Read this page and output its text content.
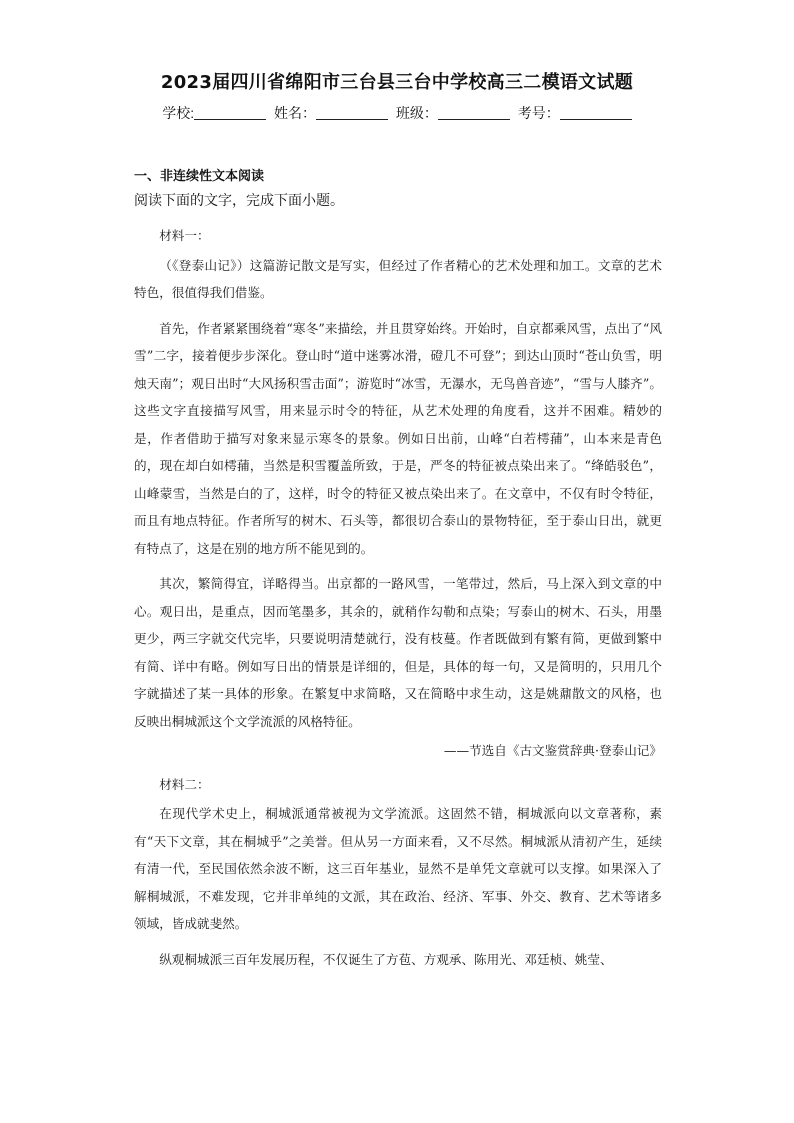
2023届四川省绵阳市三台县三台中学校高三二模语文试题
学校:	姓名：	班级：	考号：
一、非连续性文本阅读
阅读下面的文字，完成下面小题。

材料一：

（《登泰山记》）这篇游记散文是写实，但经过了作者精心的艺术处理和加工。文章的艺术特色，很值得我们借鉴。

首先，作者紧紧围绕着“寒冬”来描绘，并且贯穿始终。开始时，自京都乘风雪，点出了“风雪”二字，接着便步步深化。登山时“道中迷雾冰滑，磴几不可登”；到达山顶时“苍山负雪，明烛天南”；观日出时“大风扬积雪击面”；游览时“冰雪，无瀑水，无鸟兽音迹”，“雪与人膝齐”。这些文字直接描写风雪，用来显示时令的特征，从艺术处理的角度看，这并不困难。精妙的是，作者借助于描写对象来显示寒冬的景象。例如日出前，山峰“白若樗蒱”，山本来是青色的，现在却白如樗蒱，当然是积雪覆盖所致，于是，严冬的特征被点染出来了。“绛皓驳色”，山峰蒙雪，当然是白的了，这样，时令的特征又被点染出来了。在文章中，不仅有时令特征，而且有地点特征。作者所写的树木、石头等，都很切合泰山的景物特征，至于泰山日出，就更有特点了，这是在别的地方所不能见到的。

其次，繁简得宜，详略得当。出京都的一路风雪，一笔带过，然后，马上深入到文章的中心。观日出，是重点，因而笔墨多，其余的，就稍作勾勒和点染；写泰山的树木、石头，用墨更少，两三字就交代完毕，只要说明清楚就行，没有枝蔓。作者既做到有繁有简，更做到繁中有简、详中有略。例如写日出的情景是详细的，但是，具体的每一句，又是简明的，只用几个字就描述了某一具体的形象。在繁复中求简略，又在简略中求生动，这是姚鼐散文的风格，也反映出桐城派这个文学流派的风格特征。

——节选自《古文鉴赏辞典·登泰山记》

材料二：

在现代学术史上，桐城派通常被视为文学流派。这固然不错，桐城派向以文章著称，素有“天下文章，其在桐城乎”之美誉。但从另一方面来看，又不尽然。桐城派从清初产生，延续有清一代，至民国依然余波不断，这三百年基业，显然不是单凭文章就可以支撑。如果深入了解桐城派，不难发现，它并非单纯的文派，其在政治、经济、军事、外交、教育、艺术等诸多领域，皆成就斐然。

纵观桐城派三百年发展历程，不仅诞生了方苞、方观承、陈用光、邓廷桢、姚莹、
